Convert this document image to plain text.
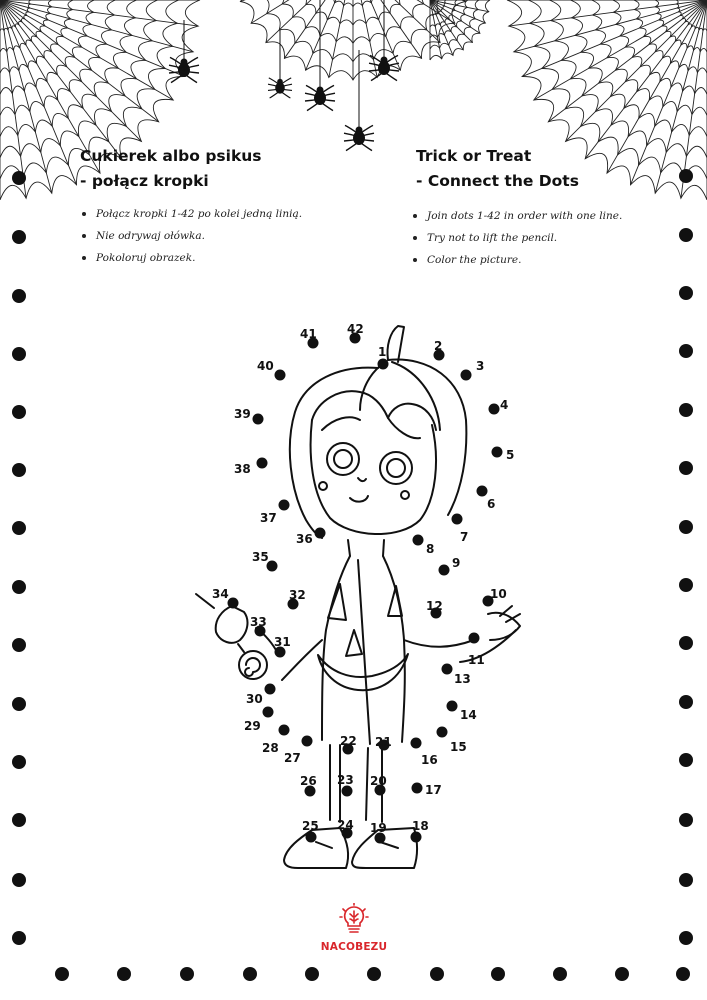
Cukierek albo psikus
- połącz kropki
Trick or Treat
- Connect the Dots
Połącz kropki 1-42 po kolei jedną linią.
Nie odrywaj ołówka.
Pokoloruj obrazek.
Join dots 1-42 in order with one line.
Try not to lift the pencil.
Color the picture.
1	2
3
4
5
6
7
8
9
10
11
12
13
14
15
16
17
18
19
20
21
22
23
24
25
26
27
28
29
30
31
32
33
34
35
36
37
38
39
40
41	42
NACOBEZU
